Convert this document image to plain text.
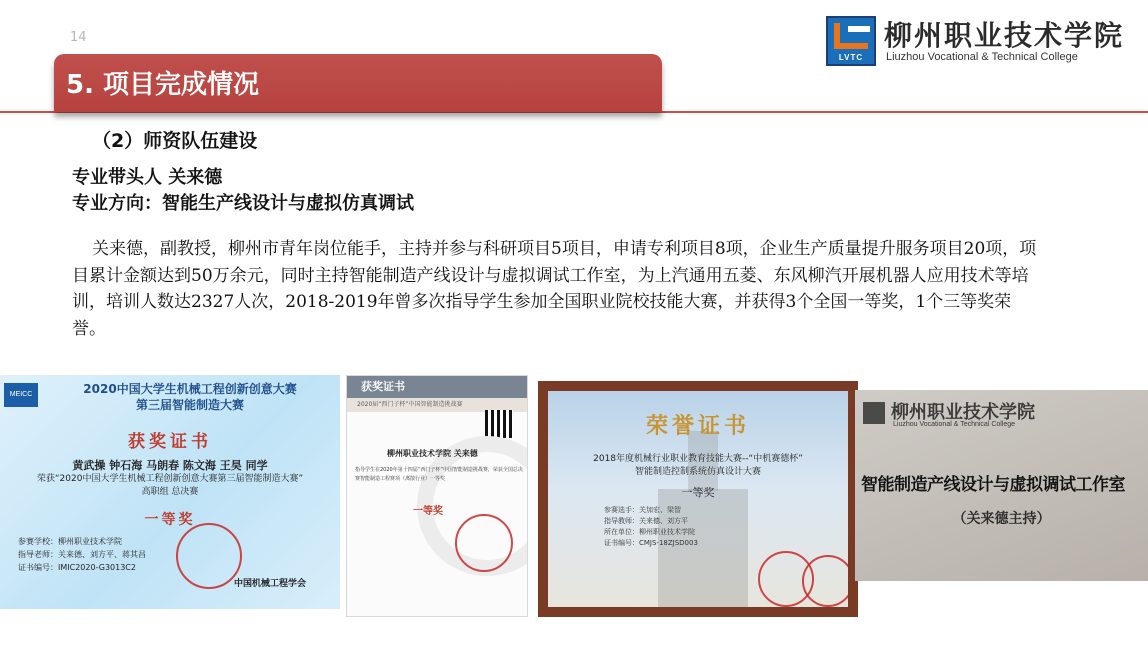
14
LVTC
柳州职业技术学院
Liuzhou Vocational & Technical College
5. 项目完成情况
（2）师资队伍建设
专业带头人 关来德
专业方向：智能生产线设计与虚拟仿真调试

关来德，副教授，柳州市青年岗位能手，主持并参与科研项目5项目，申请专利项目8项，企业生产质量提升服务项目20项，项目累计金额达到50万余元，同时主持智能制造产线设计与虚拟调试工作室，为上汽通用五菱、东风柳汽开展机器人应用技术等培训，培训人数达2327人次，2018-2019年曾多次指导学生参加全国职业院校技能大赛，并获得3个全国一等奖，1个三等奖荣誉。

MEICC	2020中国大学生机械工程创新创意大赛
第三届智能制造大赛
获奖证书
黄武操 钟石海 马朗春 陈文海 王昊 同学
荣获“2020中国大学生机械工程创新创意大赛第三届智能制造大赛”
高职组 总决赛
一等奖
参赛学校：柳州职业技术学院
指导老师：关来德、刘方平、蒋其昌
证书编号：IMIC2020-G3013C2
中国机械工程学会
获奖证书
2020届“西门子杯”中国智能制造挑战赛
柳州职业技术学院 关来德
指导学生在2020年第十四届“西门子杯”中国智能制造挑战赛，荣获全国总决赛智能制造工程赛项（离散行业）一等奖
一等奖
荣誉证书
2018年度机械行业职业教育技能大赛--“中机赛德杯”
智能制造控制系统仿真设计大赛
一等奖
参赛选手：关加宏、梁智
指导教师：关来德、刘方平
所在单位：柳州职业技术学院
证书编号：CMJS-18ZJSD003
柳州职业技术学院
Liuzhou Vocational & Technical College
智能制造产线设计与虚拟调试工作室
（关来德主持）
